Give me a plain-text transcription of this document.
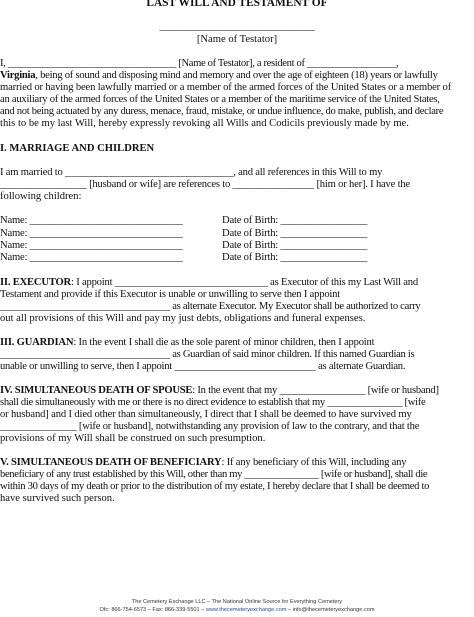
LAST WILL AND TESTAMENT OF
_______________________________
[Name of Testator]
I, __________________________________ [Name of Testator], a resident of __________________,
Virginia, being of sound and disposing mind and memory and over the age of eighteen (18) years or lawfully
married or having been lawfully married or a member of the armed forces of the United States or a member of
an auxiliary of the armed forces of the United States or a member of the maritime service of the United States,
and not being actuated by any duress, menace, fraud, mistake, or undue influence, do make, publish, and declare
this to be my last Will, hereby expressly revoking all Wills and Codicils previously made by me.
I. MARRIAGE AND CHILDREN
I am married to _________________________________, and all references in this Will to my
_________________ [husband or wife] are references to ________________ [him or her]. I have the
following children:
Name: ______________________________	Date of Birth: _________________
Name: ______________________________	Date of Birth: _________________
Name: ______________________________	Date of Birth: _________________
Name: ______________________________	Date of Birth: _________________
II. EXECUTOR: I appoint ______________________________ as Executor of this my Last Will and
Testament and provide if this Executor is unable or unwilling to serve then I appoint
__________________________________ as alternate Executor. My Executor shall be authorized to carry
out all provisions of this Will and pay my just debts, obligations and funeral expenses.
III. GUARDIAN: In the event I shall die as the sole parent of minor children, then I appoint
__________________________________ as Guardian of said minor children. If this named Guardian is
unable or unwilling to serve, then I appoint ____________________________ as alternate Guardian.
IV. SIMULTANEOUS DEATH OF SPOUSE: In the event that my _________________ [wife or husband]
shall die simultaneously with me or there is no direct evidence to establish that my _______________ [wife
or husband] and I died other than simultaneously, I direct that I shall be deemed to have survived my
_______________ [wife or husband], notwithstanding any provision of law to the contrary, and that the
provisions of my Will shall be construed on such presumption.
V. SIMULTANEOUS DEATH OF BENEFICIARY: If any beneficiary of this Will, including any
beneficiary of any trust established by this Will, other than my _______________ [wife or husband], shall die
within 30 days of my death or prior to the distribution of my estate, I hereby declare that I shall be deemed to
have survived such person.
The Cemetery Exchange LLC – The National Online Source for Everything Cemetery
Ofc: 866-754-6573 – Fax: 866-339-5501 – www.thecemeteryexchange.com – info@thecemeteryexchange.com
